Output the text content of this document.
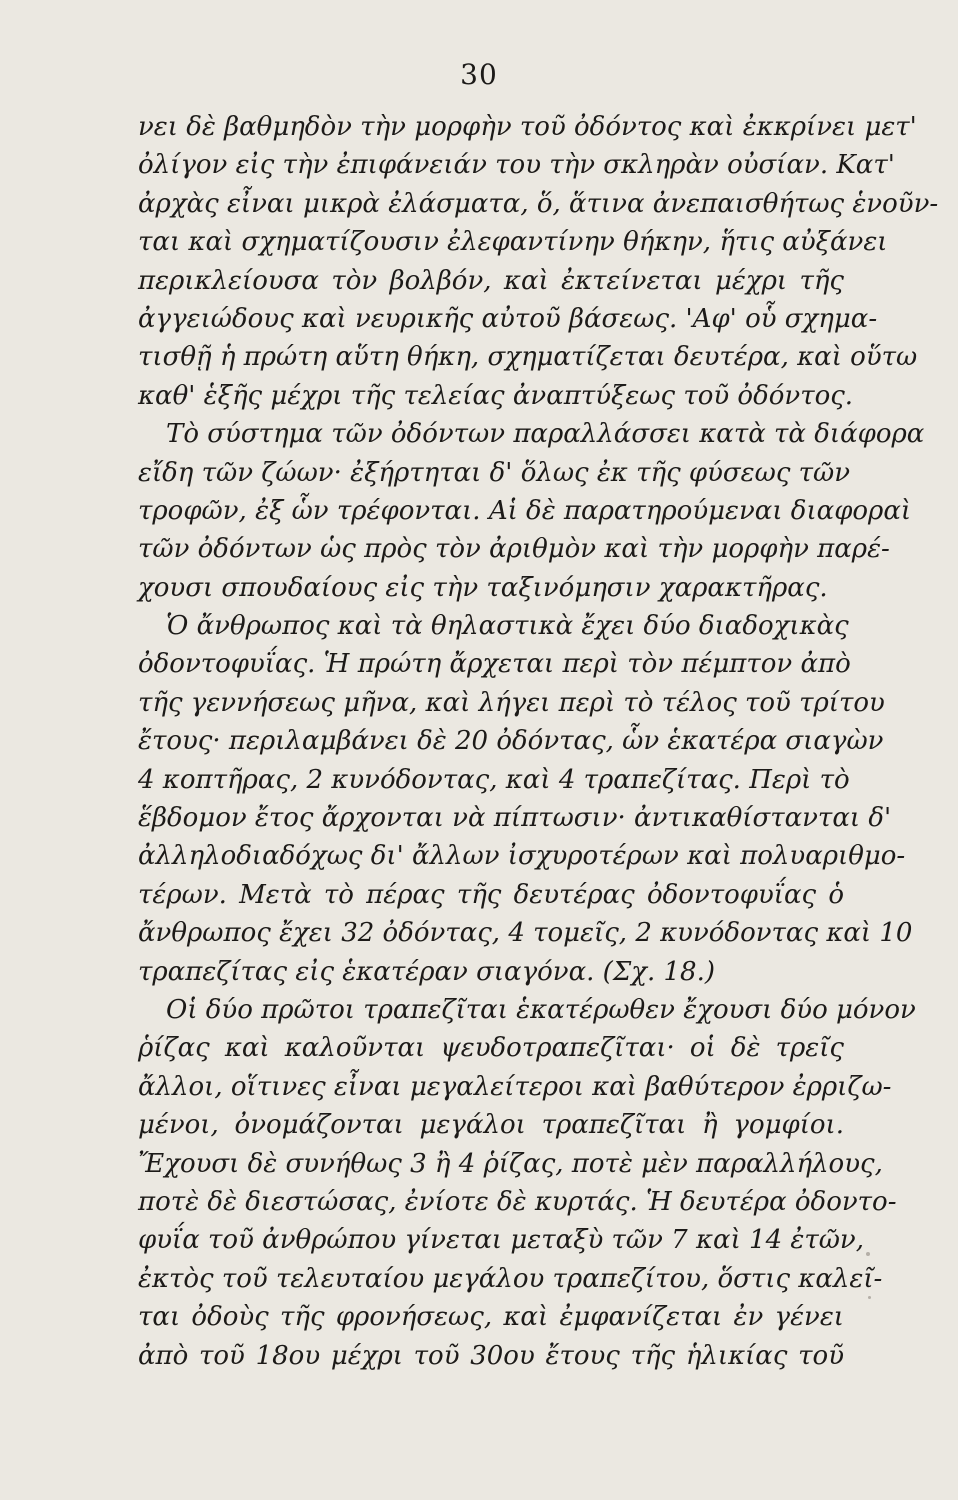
30
νει δὲ βαθμηδὸν τὴν μορφὴν τοῦ ὀδόντος καὶ ἐκκρίνει μετ'
ὀλίγον εἰς τὴν ἐπιφάνειάν του τὴν σκληρὰν οὐσίαν. Κατ'
ἀρχὰς εἶναι μικρὰ ἐλάσματα, ὅ, ἅτινα ἀνεπαισθήτως ἑνοῦν-
ται καὶ σχηματίζουσιν ἐλεφαντίνην θήκην, ἥτις αὐξάνει
περικλείουσα τὸν βολβόν, καὶ ἐκτείνεται μέχρι τῆς
ἀγγειώδους καὶ νευρικῆς αὐτοῦ βάσεως. 'Αφ' οὗ σχημα-
τισθῇ ἡ πρώτη αὕτη θήκη, σχηματίζεται δευτέρα, καὶ οὕτω
καθ' ἑξῆς μέχρι τῆς τελείας ἀναπτύξεως τοῦ ὀδόντος.
Τὸ σύστημα τῶν ὀδόντων παραλλάσσει κατὰ τὰ διάφορα
εἴδη τῶν ζώων· ἐξήρτηται δ' ὅλως ἐκ τῆς φύσεως τῶν
τροφῶν, ἐξ ὧν τρέφονται. Αἱ δὲ παρατηρούμεναι διαφοραὶ
τῶν ὀδόντων ὡς πρὸς τὸν ἀριθμὸν καὶ τὴν μορφὴν παρέ-
χουσι σπουδαίους εἰς τὴν ταξινόμησιν χαρακτῆρας.
Ὁ ἄνθρωπος καὶ τὰ θηλαστικὰ ἔχει δύο διαδοχικὰς
ὀδοντοφυΐας. Ἡ πρώτη ἄρχεται περὶ τὸν πέμπτον ἀπὸ
τῆς γεννήσεως μῆνα, καὶ λήγει περὶ τὸ τέλος τοῦ τρίτου
ἔτους· περιλαμβάνει δὲ 20 ὀδόντας, ὧν ἑκατέρα σιαγὼν
4 κοπτῆρας, 2 κυνόδοντας, καὶ 4 τραπεζίτας. Περὶ τὸ
ἕβδομον ἔτος ἄρχονται νὰ πίπτωσιν· ἀντικαθίστανται δ'
ἀλληλοδιαδόχως δι' ἄλλων ἰσχυροτέρων καὶ πολυαριθμο-
τέρων. Μετὰ τὸ πέρας τῆς δευτέρας ὀδοντοφυΐας ὁ
ἄνθρωπος ἔχει 32 ὀδόντας, 4 τομεῖς, 2 κυνόδοντας καὶ 10
τραπεζίτας εἰς ἑκατέραν σιαγόνα. (Σχ. 18.)
Οἱ δύο πρῶτοι τραπεζῖται ἑκατέρωθεν ἔχουσι δύο μόνον
ῥίζας καὶ καλοῦνται ψευδοτραπεζῖται· οἱ δὲ τρεῖς
ἄλλοι, οἵτινες εἶναι μεγαλείτεροι καὶ βαθύτερον ἐρριζω-
μένοι, ὀνομάζονται μεγάλοι τραπεζῖται ἢ γομφίοι.
Ἔχουσι δὲ συνήθως 3 ἢ 4 ῥίζας, ποτὲ μὲν παραλλήλους,
ποτὲ δὲ διεστώσας, ἐνίοτε δὲ κυρτάς. Ἡ δευτέρα ὀδοντο-
φυΐα τοῦ ἀνθρώπου γίνεται μεταξὺ τῶν 7 καὶ 14 ἐτῶν,
ἐκτὸς τοῦ τελευταίου μεγάλου τραπεζίτου, ὅστις καλεῖ-
ται ὀδοὺς τῆς φρονήσεως, καὶ ἐμφανίζεται ἐν γένει
ἀπὸ τοῦ 18ου μέχρι τοῦ 30ου ἔτους τῆς ἡλικίας τοῦ
